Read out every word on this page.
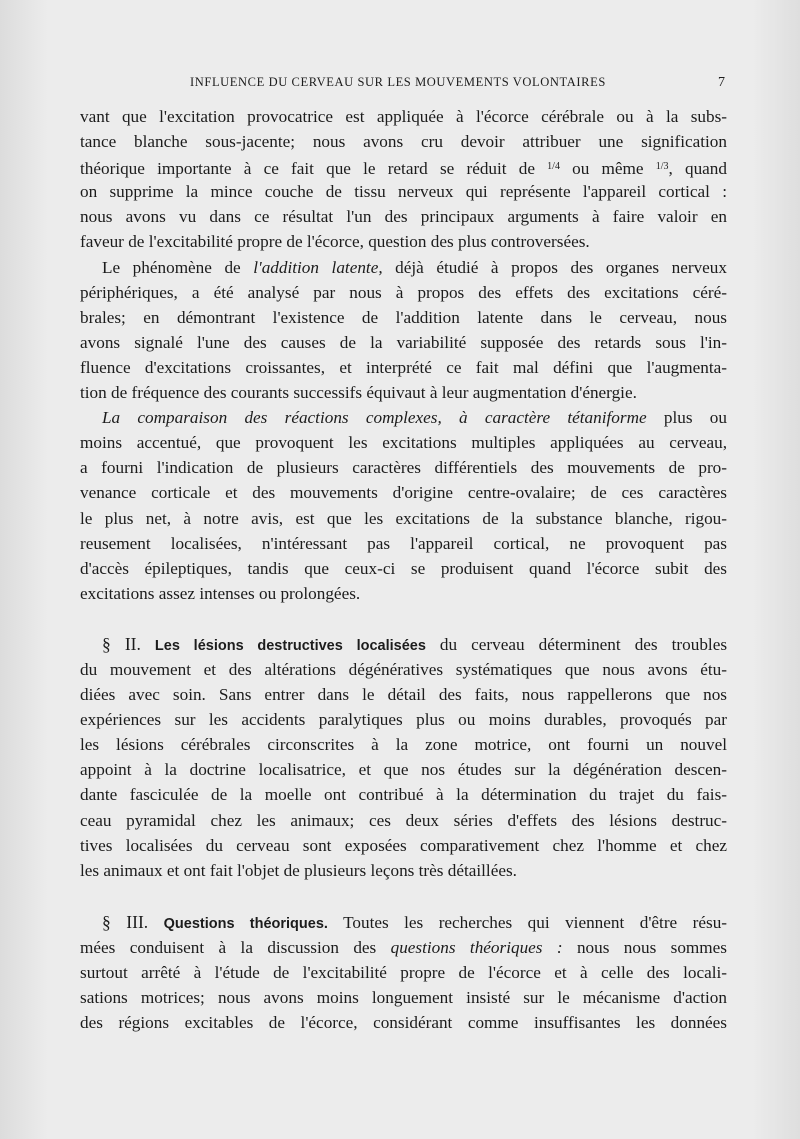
INFLUENCE DU CERVEAU SUR LES MOUVEMENTS VOLONTAIRES	7
vant que l'excitation provocatrice est appliquée à l'écorce cérébrale ou à la subs-
tance blanche sous-jacente; nous avons cru devoir attribuer une signification
théorique importante à ce fait que le retard se réduit de $^{1/4}$ ou même $^{1/3}$, quand
on supprime la mince couche de tissu nerveux qui représente l'appareil cortical :
nous avons vu dans ce résultat l'un des principaux arguments à faire valoir en
faveur de l'excitabilité propre de l'écorce, question des plus controversées.
Le phénomène de l'addition latente, déjà étudié à propos des organes nerveux
périphériques, a été analysé par nous à propos des effets des excitations céré-
brales; en démontrant l'existence de l'addition latente dans le cerveau, nous
avons signalé l'une des causes de la variabilité supposée des retards sous l'in-
fluence d'excitations croissantes, et interprété ce fait mal défini que l'augmenta-
tion de fréquence des courants successifs équivaut à leur augmentation d'énergie.
La comparaison des réactions complexes, à caractère tétaniforme plus ou
moins accentué, que provoquent les excitations multiples appliquées au cerveau,
a fourni l'indication de plusieurs caractères différentiels des mouvements de pro-
venance corticale et des mouvements d'origine centre-ovalaire; de ces caractères
le plus net, à notre avis, est que les excitations de la substance blanche, rigou-
reusement localisées, n'intéressant pas l'appareil cortical, ne provoquent pas
d'accès épileptiques, tandis que ceux-ci se produisent quand l'écorce subit des
excitations assez intenses ou prolongées.
§ II. Les lésions destructives localisées du cerveau déterminent des troubles
du mouvement et des altérations dégénératives systématiques que nous avons étu-
diées avec soin. Sans entrer dans le détail des faits, nous rappellerons que nos
expériences sur les accidents paralytiques plus ou moins durables, provoqués par
les lésions cérébrales circonscrites à la zone motrice, ont fourni un nouvel
appoint à la doctrine localisatrice, et que nos études sur la dégénération descen-
dante fasciculée de la moelle ont contribué à la détermination du trajet du fais-
ceau pyramidal chez les animaux; ces deux séries d'effets des lésions destruc-
tives localisées du cerveau sont exposées comparativement chez l'homme et chez
les animaux et ont fait l'objet de plusieurs leçons très détaillées.
§ III. Questions théoriques. Toutes les recherches qui viennent d'être résu-
mées conduisent à la discussion des questions théoriques : nous nous sommes
surtout arrêté à l'étude de l'excitabilité propre de l'écorce et à celle des locali-
sations motrices; nous avons moins longuement insisté sur le mécanisme d'action
des régions excitables de l'écorce, considérant comme insuffisantes les données
